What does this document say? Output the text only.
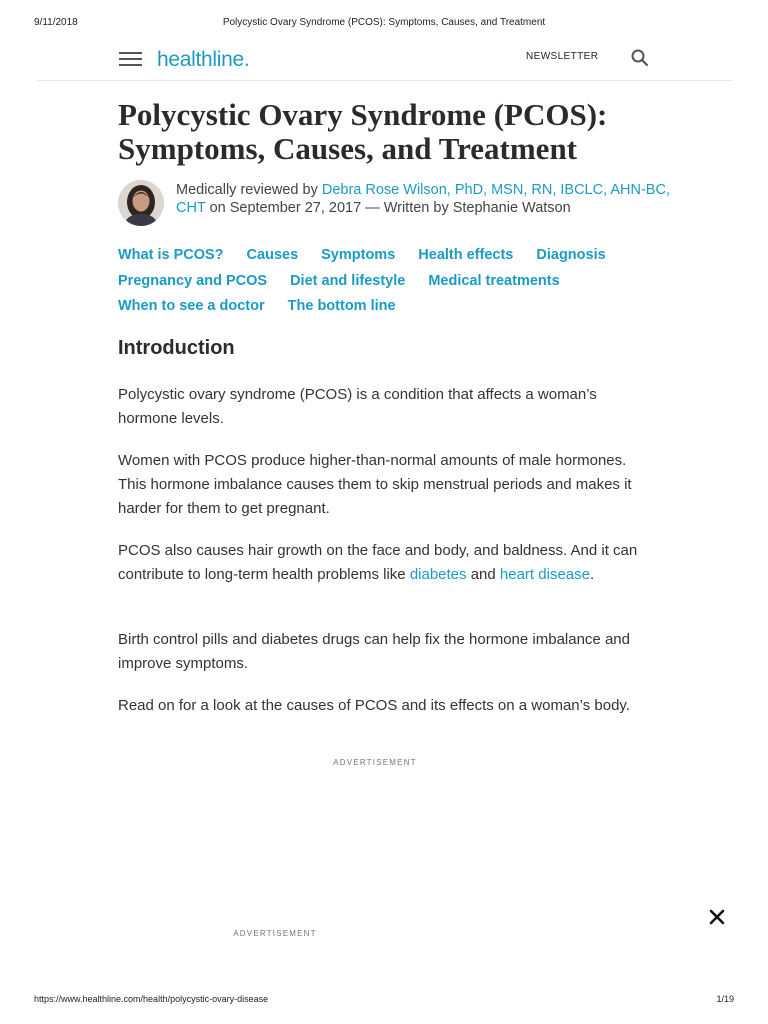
9/11/2018	Polycystic Ovary Syndrome (PCOS): Symptoms, Causes, and Treatment
healthline.	NEWSLETTER
Polycystic Ovary Syndrome (PCOS): Symptoms, Causes, and Treatment
Medically reviewed by Debra Rose Wilson, PhD, MSN, RN, IBCLC, AHN-BC, CHT on September 27, 2017 — Written by Stephanie Watson
What is PCOS? Causes Symptoms Health effects Diagnosis
Pregnancy and PCOS Diet and lifestyle Medical treatments
When to see a doctor The bottom line
Introduction

Polycystic ovary syndrome (PCOS) is a condition that affects a woman’s hormone levels.

Women with PCOS produce higher-than-normal amounts of male hormones. This hormone imbalance causes them to skip menstrual periods and makes it harder for them to get pregnant.

PCOS also causes hair growth on the face and body, and baldness. And it can contribute to long-term health problems like diabetes and heart disease.

Birth control pills and diabetes drugs can help fix the hormone imbalance and improve symptoms.

Read on for a look at the causes of PCOS and its effects on a woman’s body.

ADVERTISEMENT
ADVERTISEMENT
https://www.healthline.com/health/polycystic-ovary-disease	1/19
